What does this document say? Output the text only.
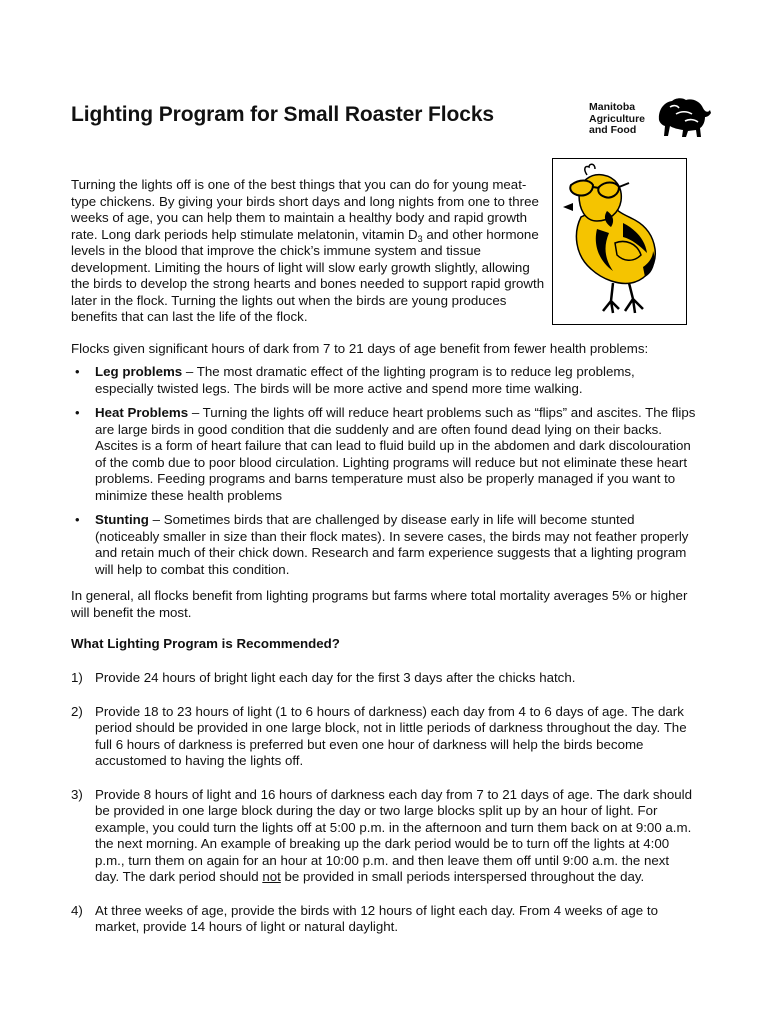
Lighting Program for Small Roaster Flocks	Manitoba
Agriculture
and Food

Turning the lights off is one of the best things that you can do for young meat-type chickens. By giving your birds short days and long nights from one to three weeks of age, you can help them to maintain a healthy body and rapid growth rate. Long dark periods help stimulate melatonin, vitamin $D_3$ and other hormone levels in the blood that improve the chick’s immune system and tissue development. Limiting the hours of light will slow early growth slightly, allowing the birds to develop the strong hearts and bones needed to support rapid growth later in the flock. Turning the lights out when the birds are young produces benefits that can last the life of the flock.

Flocks given significant hours of dark from 7 to 21 days of age benefit from fewer health problems:

• Leg problems – The most dramatic effect of the lighting program is to reduce leg problems, especially twisted legs. The birds will be more active and spend more time walking.
• Heat Problems – Turning the lights off will reduce heart problems such as “flips” and ascites. The flips are large birds in good condition that die suddenly and are often found dead lying on their backs. Ascites is a form of heart failure that can lead to fluid build up in the abdomen and dark discolouration of the comb due to poor blood circulation. Lighting programs will reduce but not eliminate these heart problems. Feeding programs and barns temperature must also be properly managed if you want to minimize these health problems
• Stunting – Sometimes birds that are challenged by disease early in life will become stunted (noticeably smaller in size than their flock mates). In severe cases, the birds may not feather properly and retain much of their chick down. Research and farm experience suggests that a lighting program will help to combat this condition.

In general, all flocks benefit from lighting programs but farms where total mortality averages 5% or higher will benefit the most.

What Lighting Program is Recommended?

1) Provide 24 hours of bright light each day for the first 3 days after the chicks hatch.
2) Provide 18 to 23 hours of light (1 to 6 hours of darkness) each day from 4 to 6 days of age. The dark period should be provided in one large block, not in little periods of darkness throughout the day. The full 6 hours of darkness is preferred but even one hour of darkness will help the birds become accustomed to having the lights off.
3) Provide 8 hours of light and 16 hours of darkness each day from 7 to 21 days of age. The dark should be provided in one large block during the day or two large blocks split up by an hour of light. For example, you could turn the lights off at 5:00 p.m. in the afternoon and turn them back on at 9:00 a.m. the next morning. An example of breaking up the dark period would be to turn off the lights at 4:00 p.m., turn them on again for an hour at 10:00 p.m. and then leave them off until 9:00 a.m. the next day. The dark period should not be provided in small periods interspersed throughout the day.
4) At three weeks of age, provide the birds with 12 hours of light each day. From 4 weeks of age to market, provide 14 hours of light or natural daylight.
